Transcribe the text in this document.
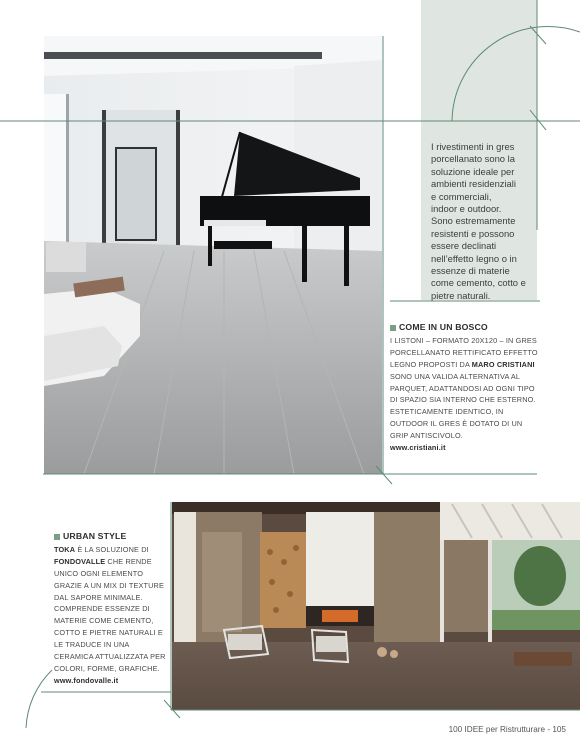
I rivestimenti in gres

porcellanato sono la

soluzione ideale per

ambienti residenziali

e commerciali,

indoor e outdoor.

Sono estremamente

resistenti e possono

essere declinati

nell’effetto legno o in

essenze di materie

come cemento, cotto e

pietre naturali.

COME IN UN BOSCO
I LISTONI – FORMATO 20X120 – IN GRES PORCELLANATO RETTIFICATO EFFETTO LEGNO PROPOSTI DA MARO CRISTIANI SONO UNA VALIDA ALTERNATIVA AL PARQUET, ADATTANDOSI AD OGNI TIPO DI SPAZIO SIA INTERNO CHE ESTERNO. ESTETICAMENTE IDENTICO, IN OUTDOOR IL GRES È DOTATO DI UN GRIP ANTISCIVOLO.
www.cristiani.it
URBAN STYLE
TOKA È LA SOLUZIONE DI FONDOVALLE CHE RENDE UNICO OGNI ELEMENTO GRAZIE A UN MIX DI TEXTURE DAL SAPORE MINIMALE. COMPRENDE ESSENZE DI MATERIE COME CEMENTO, COTTO E PIETRE NATURALI E LE TRADUCE IN UNA CERAMICA ATTUALIZZATA PER COLORI, FORME, GRAFICHE.
www.fondovalle.it
100 IDEE per Ristrutturare - 105
